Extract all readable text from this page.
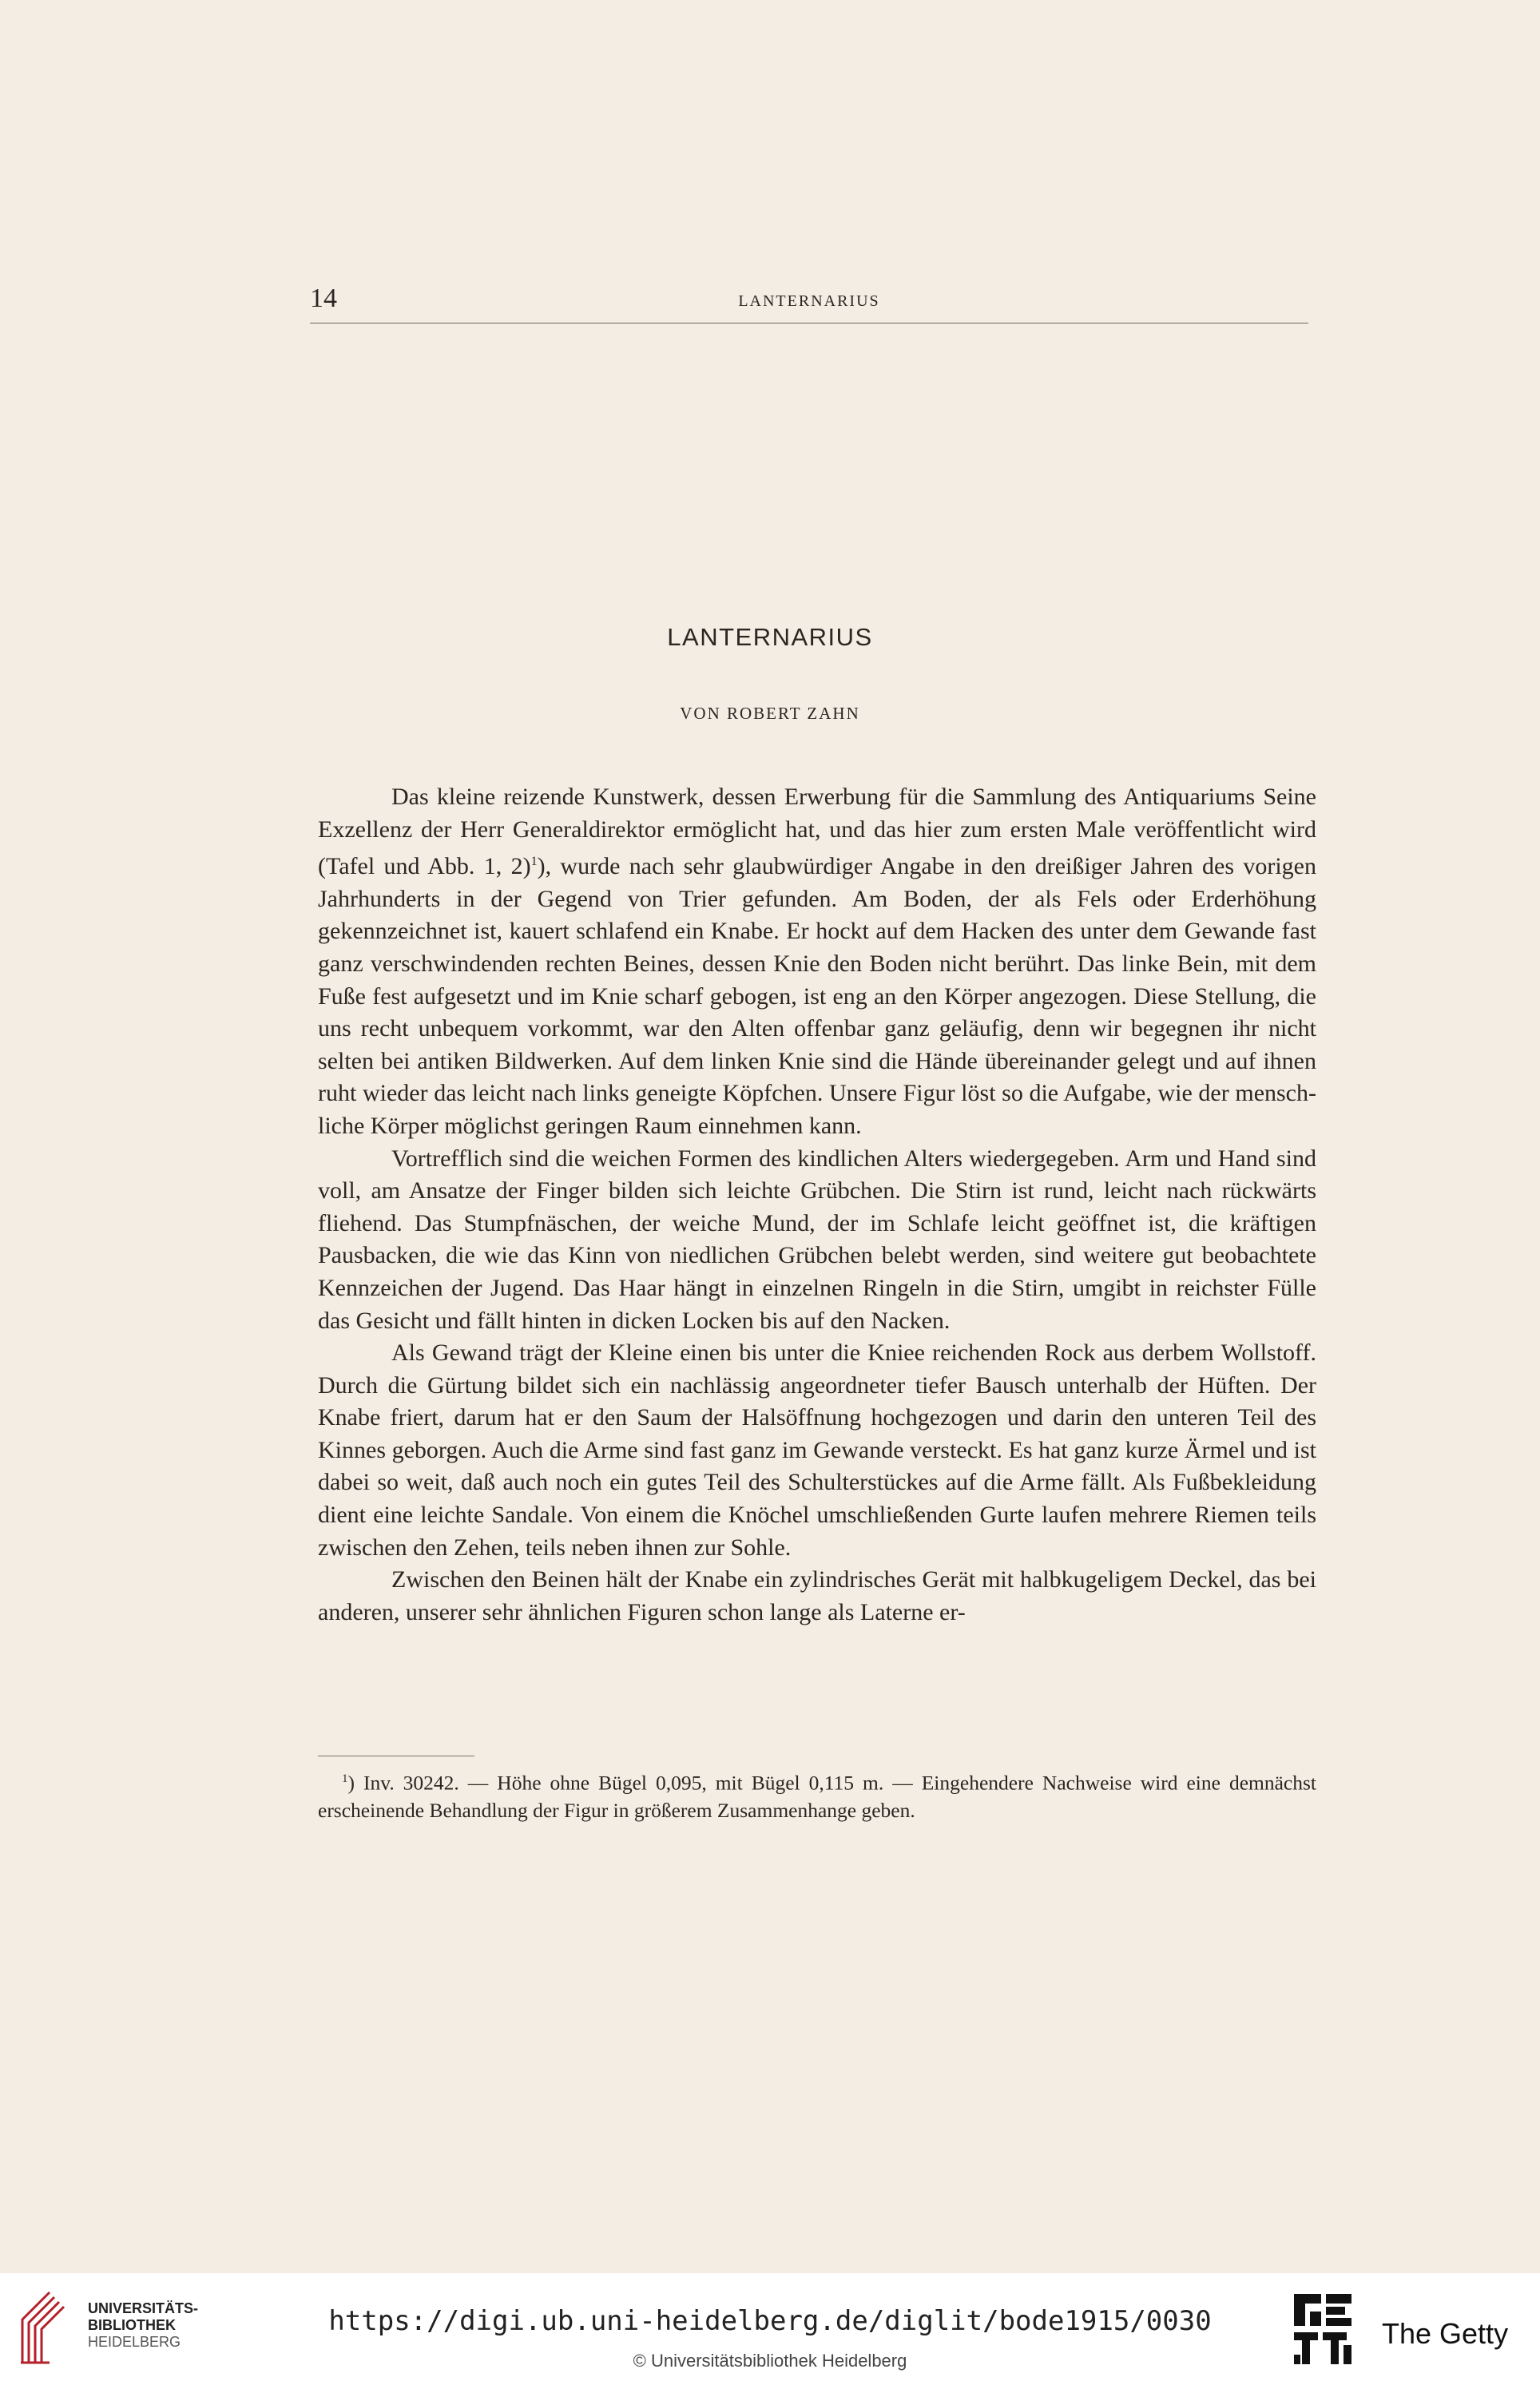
14	LANTERNARIUS
LANTERNARIUS
VON ROBERT ZAHN

Das kleine reizende Kunstwerk, dessen Erwerbung für die Sammlung des Antiquariums Seine Exzellenz der Herr Generaldirektor ermöglicht hat, und das hier zum ersten Male veröffentlicht wird (Tafel und Abb. 1, 2)$^1$), wurde nach sehr glaubwürdiger Angabe in den dreißiger Jahren des vorigen Jahrhunderts in der Gegend von Trier gefunden. Am Boden, der als Fels oder Erderhöhung gekennzeichnet ist, kauert schlafend ein Knabe. Er hockt auf dem Hacken des unter dem Gewande fast ganz verschwindenden rechten Beines, dessen Knie den Boden nicht berührt. Das linke Bein, mit dem Fuße fest aufgesetzt und im Knie scharf gebogen, ist eng an den Körper angezogen. Diese Stellung, die uns recht unbequem vorkommt, war den Alten offenbar ganz geläufig, denn wir begegnen ihr nicht selten bei antiken Bildwerken. Auf dem linken Knie sind die Hände übereinander gelegt und auf ihnen ruht wieder das leicht nach links geneigte Köpfchen. Unsere Figur löst so die Aufgabe, wie der menschliche Körper möglichst geringen Raum einnehmen kann.

Vortrefflich sind die weichen Formen des kindlichen Alters wiedergegeben. Arm und Hand sind voll, am Ansatze der Finger bilden sich leichte Grübchen. Die Stirn ist rund, leicht nach rückwärts fliehend. Das Stumpfnäschen, der weiche Mund, der im Schlafe leicht geöffnet ist, die kräftigen Pausbacken, die wie das Kinn von niedlichen Grübchen belebt werden, sind weitere gut beobachtete Kennzeichen der Jugend. Das Haar hängt in einzelnen Ringeln in die Stirn, umgibt in reichster Fülle das Gesicht und fällt hinten in dicken Locken bis auf den Nacken.

Als Gewand trägt der Kleine einen bis unter die Kniee reichenden Rock aus derbem Wollstoff. Durch die Gürtung bildet sich ein nachlässig angeordneter tiefer Bausch unterhalb der Hüften. Der Knabe friert, darum hat er den Saum der Halsöffnung hochgezogen und darin den unteren Teil des Kinnes geborgen. Auch die Arme sind fast ganz im Gewande versteckt. Es hat ganz kurze Ärmel und ist dabei so weit, daß auch noch ein gutes Teil des Schulterstückes auf die Arme fällt. Als Fußbekleidung dient eine leichte Sandale. Von einem die Knöchel umschließenden Gurte laufen mehrere Riemen teils zwischen den Zehen, teils neben ihnen zur Sohle.

Zwischen den Beinen hält der Knabe ein zylindrisches Gerät mit halbkugeligem Deckel, das bei anderen, unserer sehr ähnlichen Figuren schon lange als Laterne er-

$^1$) Inv. 30242. — Höhe ohne Bügel 0,095, mit Bügel 0,115 m. — Eingehendere Nachweise wird eine demnächst erscheinende Behandlung der Figur in größerem Zusammenhange geben.
UNIVERSITÄTS-
BIBLIOTHEK
HEIDELBERG
https://digi.ub.uni-heidelberg.de/diglit/bode1915/0030
© Universitätsbibliothek Heidelberg
The Getty
